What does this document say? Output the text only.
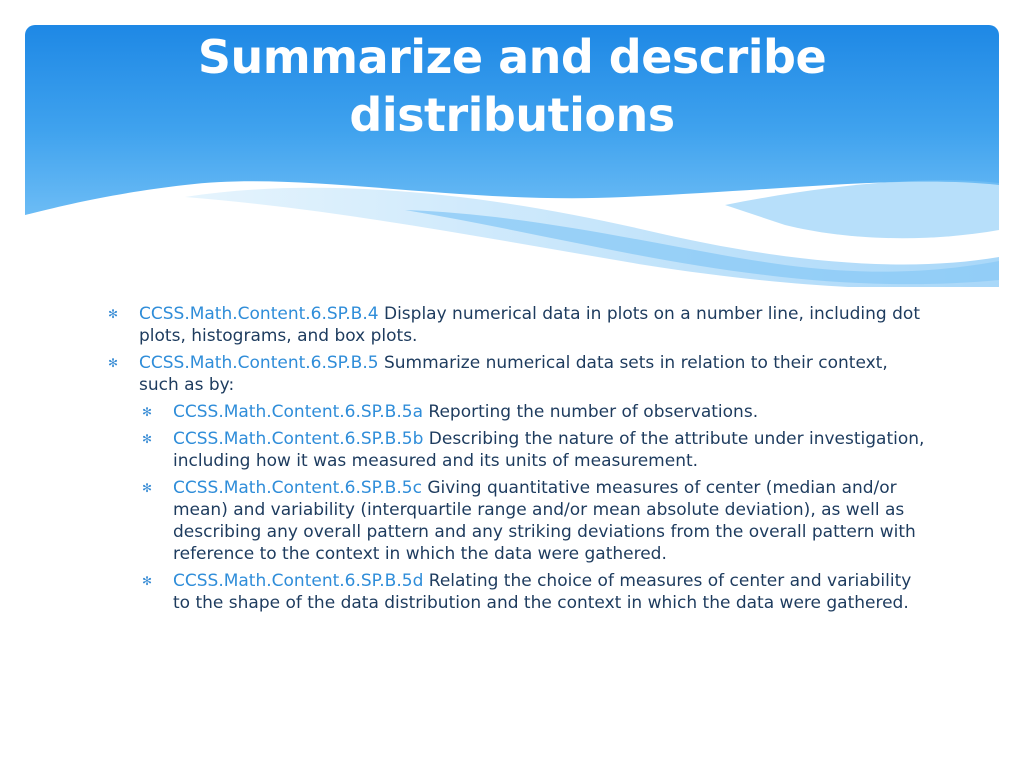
Summarize and describe
distributions
✻ CCSS.Math.Content.6.SP.B.4 Display numerical data in plots on a number line, including dot plots, histograms, and box plots.
✻ CCSS.Math.Content.6.SP.B.5 Summarize numerical data sets in relation to their context, such as by:
✻ CCSS.Math.Content.6.SP.B.5a Reporting the number of observations.
✻ CCSS.Math.Content.6.SP.B.5b Describing the nature of the attribute under investigation, including how it was measured and its units of measurement.
✻ CCSS.Math.Content.6.SP.B.5c Giving quantitative measures of center (median and/or mean) and variability (interquartile range and/or mean absolute deviation), as well as describing any overall pattern and any striking deviations from the overall pattern with reference to the context in which the data were gathered.
✻ CCSS.Math.Content.6.SP.B.5d Relating the choice of measures of center and variability to the shape of the data distribution and the context in which the data were gathered.
